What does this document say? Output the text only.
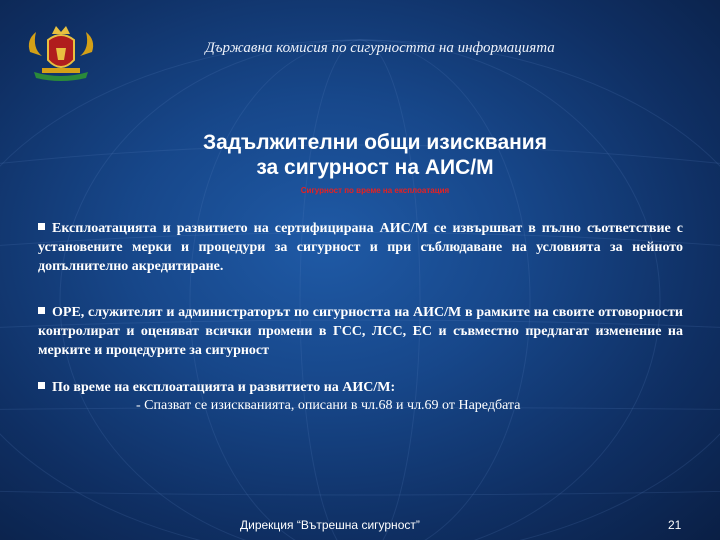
Държавна комисия по сигурността на информацията
Задължителни общи изисквания
за сигурност на АИС/М
Сигурност по време на експлоатация
Експлоатацията и развитието на сертифицирана АИС/М се извършват в пълно съответствие с установените мерки и процедури за сигурност и при съблюдаване на условията за нейното допълнително акредитиране.
ОРЕ, служителят и администраторът по сигурността на АИС/М в рамките на своите отговорности контролират и оценяват всички промени в ГСС, ЛСС, ЕС и съвместно предлагат изменение на мерките и процедурите за сигурност
По време на експлоатацията и развитието на АИС/М:
- Спазват се изискванията, описани в чл.68 и чл.69 от Наредбата
Дирекция “Вътрешна сигурност”	21
